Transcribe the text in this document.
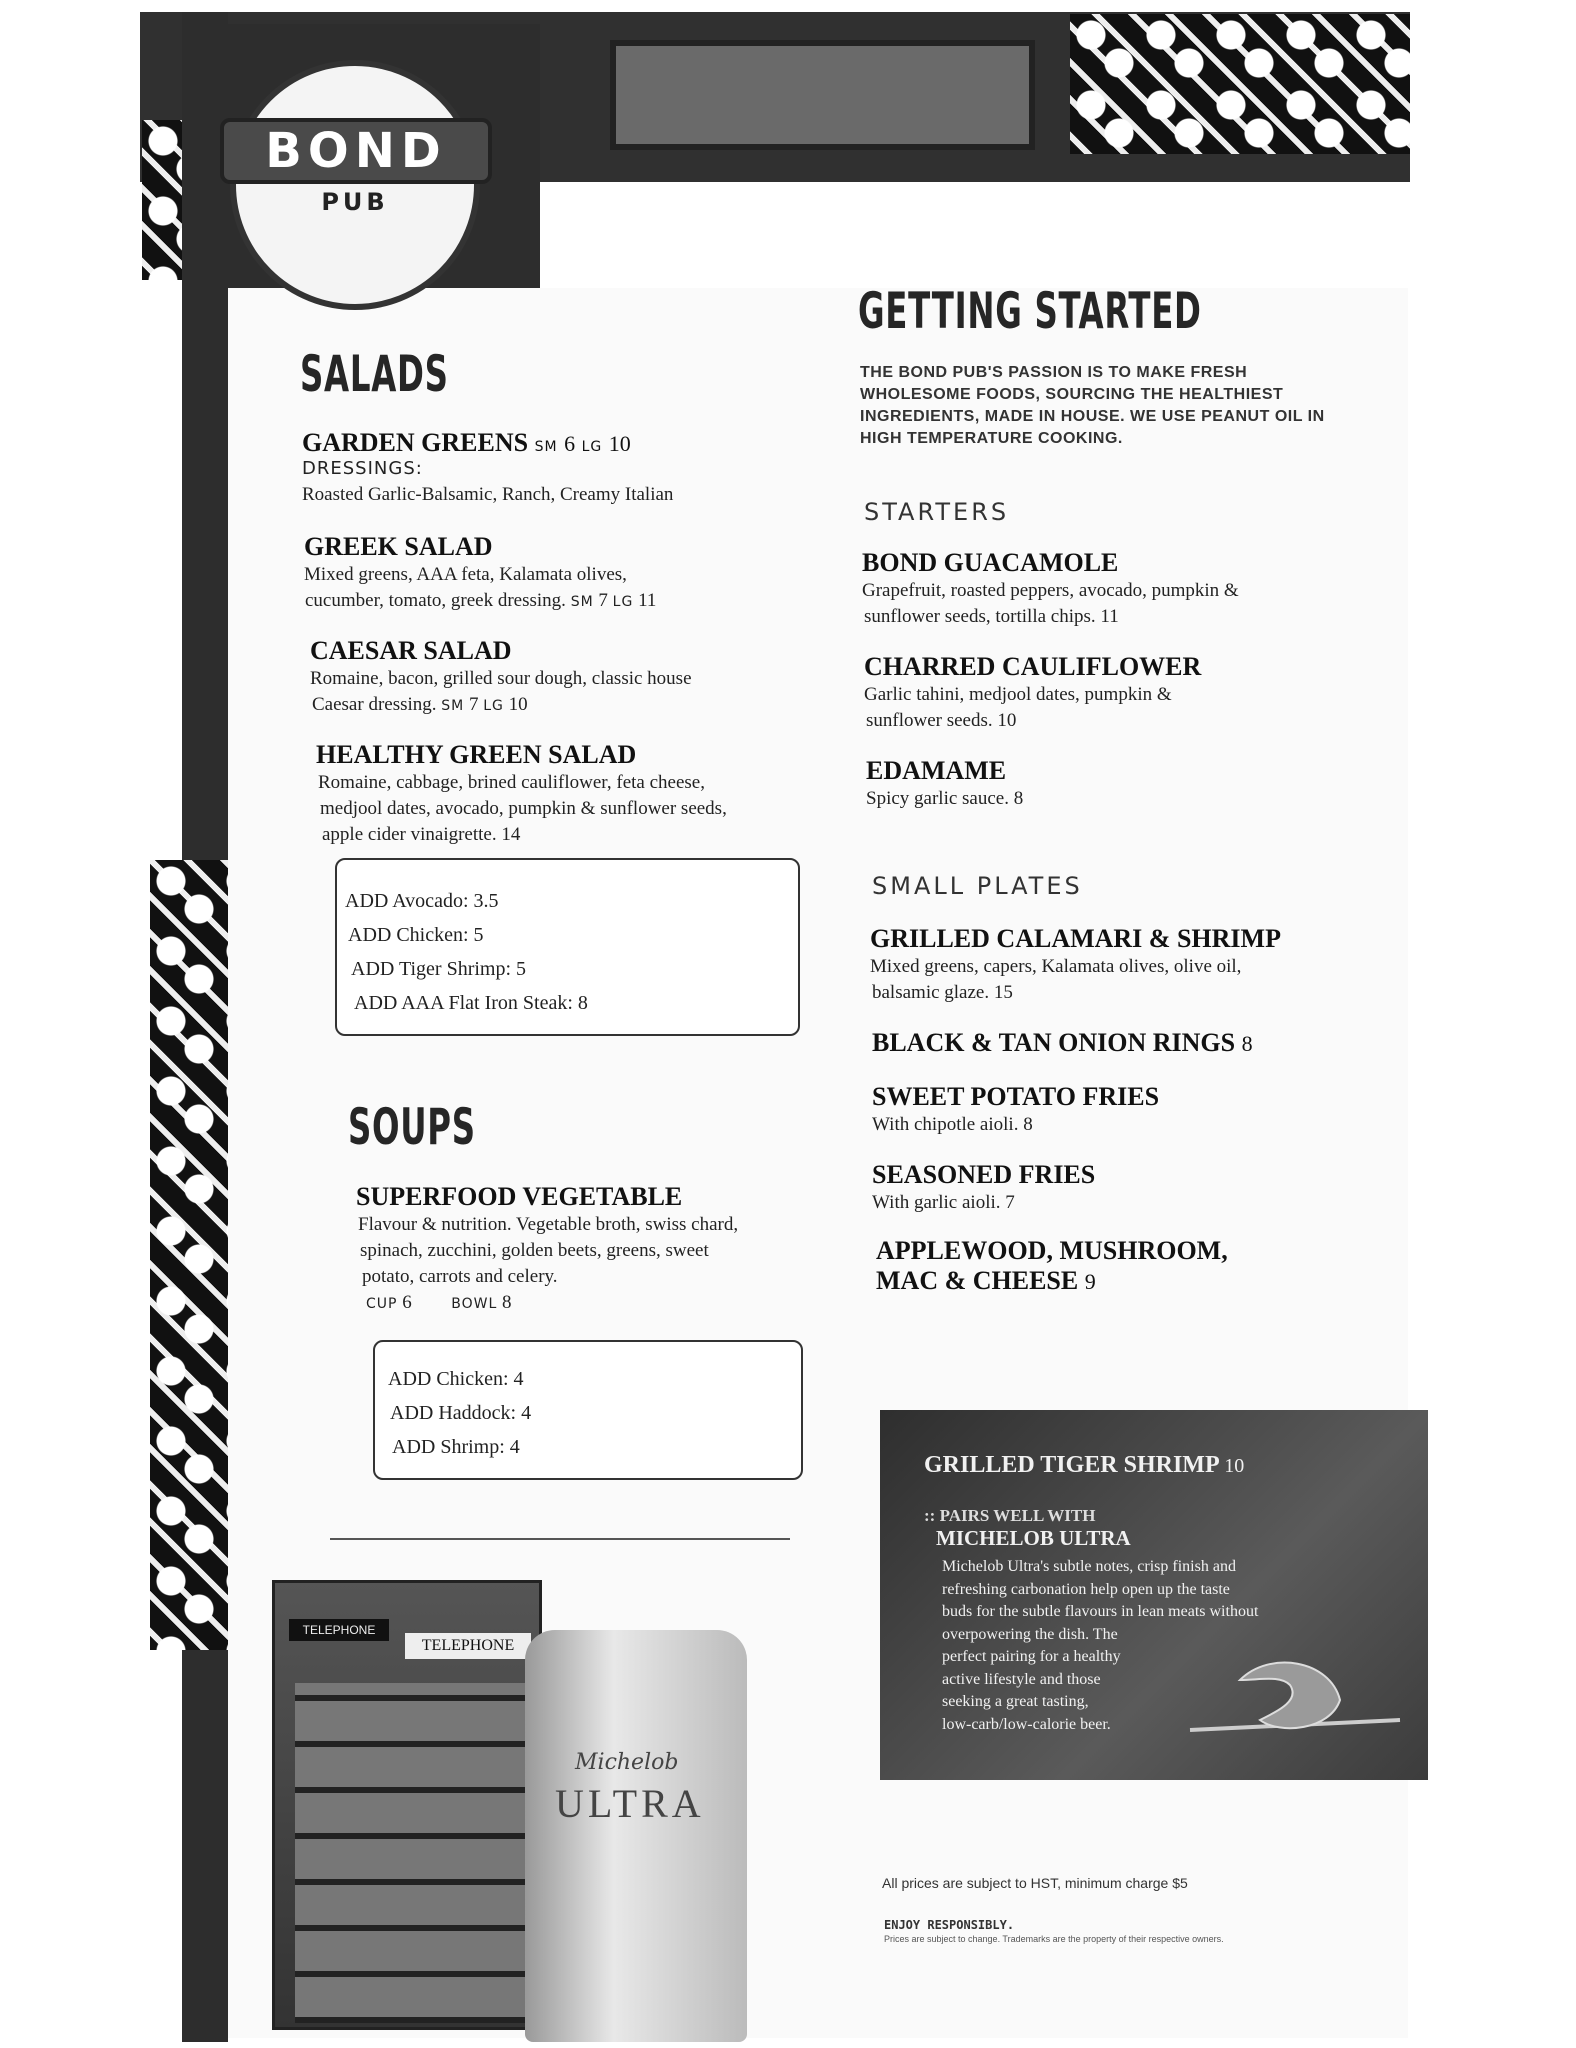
BOND
PUB
SALADS
GARDEN GREENS SM 6 LG 10
DRESSINGS:
Roasted Garlic-Balsamic, Ranch, Creamy Italian
GREEK SALAD
Mixed greens, AAA feta, Kalamata olives,
cucumber, tomato, greek dressing. SM 7 LG 11
CAESAR SALAD
Romaine, bacon, grilled sour dough, classic house
Caesar dressing. SM 7 LG 10
HEALTHY GREEN SALAD
Romaine, cabbage, brined cauliflower, feta cheese,
medjool dates, avocado, pumpkin & sunflower seeds,
apple cider vinaigrette. 14
ADD Avocado: 3.5
ADD Chicken: 5
ADD Tiger Shrimp: 5
ADD AAA Flat Iron Steak: 8
SOUPS
SUPERFOOD VEGETABLE
Flavour & nutrition. Vegetable broth, swiss chard,
spinach, zucchini, golden beets, greens, sweet
potato, carrots and celery.
CUP 6	BOWL 8
ADD Chicken: 4
ADD Haddock: 4
ADD Shrimp: 4
TELEPHONE
TELEPHONE
Michelob
ULTRA
GETTING STARTED
THE BOND PUB'S PASSION IS TO MAKE FRESH
WHOLESOME FOODS, SOURCING THE HEALTHIEST
INGREDIENTS, MADE IN HOUSE. WE USE PEANUT OIL IN
HIGH TEMPERATURE COOKING.
STARTERS
BOND GUACAMOLE
Grapefruit, roasted peppers, avocado, pumpkin &
sunflower seeds, tortilla chips. 11
CHARRED CAULIFLOWER
Garlic tahini, medjool dates, pumpkin &
sunflower seeds. 10
EDAMAME
Spicy garlic sauce. 8
SMALL PLATES
GRILLED CALAMARI & SHRIMP
Mixed greens, capers, Kalamata olives, olive oil,
balsamic glaze. 15
BLACK & TAN ONION RINGS 8
SWEET POTATO FRIES
With chipotle aioli. 8
SEASONED FRIES
With garlic aioli. 7
APPLEWOOD, MUSHROOM,
MAC & CHEESE 9
GRILLED TIGER SHRIMP 10
:: PAIRS WELL WITH
MICHELOB ULTRA
Michelob Ultra's subtle notes, crisp finish and
refreshing carbonation help open up the taste
buds for the subtle flavours in lean meats without
overpowering the dish. The
perfect pairing for a healthy
active lifestyle and those
seeking a great tasting,
low-carb/low-calorie beer.
All prices are subject to HST, minimum charge $5
ENJOY RESPONSIBLY.
Prices are subject to change. Trademarks are the property of their respective owners.
